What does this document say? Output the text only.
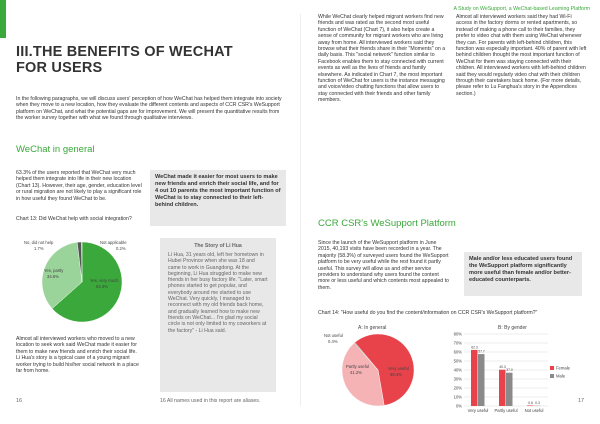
A Study on WeSupport, a WeChat-based Learning Platform
III.THE BENEFITS OF WECHAT FOR USERS
In the following paragraphs, we will discuss users' perception of how WeChat has helped them integrate into society when they move to a new location, how they evaluate the different contents and aspects of CCR CSR's WeSupport platform on WeChat, and what the potential gaps are for improvement. We will present the quantitative results from the worker survey together with what we found through qualitative interviews.
WeChat in general
63.3% of the users reported that WeChat very much helped them integrate into life in their new location (Chart 13). However, their age, gender, education level or rural migration are not likely to play a significant role in how useful they found WeChat to be.
WeChat made it easier for most users to make new friends and enrich their social life, and for 4 out 10 parents the most important function of WeChat is to stay connected to their left-behind children.
Chart 13: Did WeChat help with social integration?
No, did not help
1.7%
Not applicable
0.2%
Yes, partly
34.6%
Yes, very much
63.3%
The Story of Li Hua
Li Hua, 31 years old, left her hometown in Hubei Province when she was 18 and came to work in Guangdong. At the beginning, Li Hua struggled to make new friends in her busy factory life. "Later, smart phones started to get popular, and everybody around me started to use WeChat. Very quickly, I managed to reconnect with my old friends back home, and gradually learned how to make new friends on WeChat... I'm glad my social circle is not only limited to my coworkers at the factory" - Li Hua said.
Almost all interviewed workers who moved to a new location to seek work said WeChat made it easier for them to make new friends and enrich their social life. Li Hua's story is a typical case of a young migrant worker trying to build his/her social network in a place far from home.
16	16 All names used in this report are aliases.
While WeChat clearly helped migrant workers find new friends and was rated as the second most useful function of WeChat (Chart 7), it also helps create a sense of community for migrant workers who are living away from home. All interviewed workers said they browse what their friends share in their "Moments" on a daily basis. This "social network" function similar to Facebook enables them to stay connected with current events as well as the lives of friends and family elsewhere. As indicated in Chart 7, the most important function of WeChat for users is the instance messaging and voice/video chatting functions that allow users to stay connected with their friends and other family members.
Almost all interviewed workers said they had Wi-Fi access in the factory dorms or rented apartments, so instead of making a phone call to their families, they prefer to video chat with them using WeChat whenever they can. For parents with left-behind children, this function was especially important. 40% of parent with left behind children thought the most important function of WeChat for them was staying connected with their children. All interviewed workers with left-behind children said they would regularly video chat with their children through their caretakers back home. (For more details, please refer to Lu Fanghua's story in the Appendices section.)
CCR CSR's WeSupport Platform
Since the launch of the WeSupport platform in June 2015, 40,193 visits have been recorded in a year. The majority (58.3%) of surveyed users found the WeSupport platform to be very useful while the rest found it partly useful. This survey will allow us and other service providers to understand why users found the content more or less useful and which contents most appealed to them.
Male and/or less educated users found the WeSupport platform significantly more useful than female and/or better-educated counterparts.
Chart 14: "How useful do you find the content/information on CCR CSR's WeSupport platform?"
A: In general
Not useful
0.4%
Partly useful
41.2%
Very useful
58.3%
B: By gender
0%
10%
20%
30%
40%
50%
60%
70%
80%
62.3
57.7
Very useful
40.3
37.0
Partly useful
0.6 0.3
Not useful
Female
Male
17
